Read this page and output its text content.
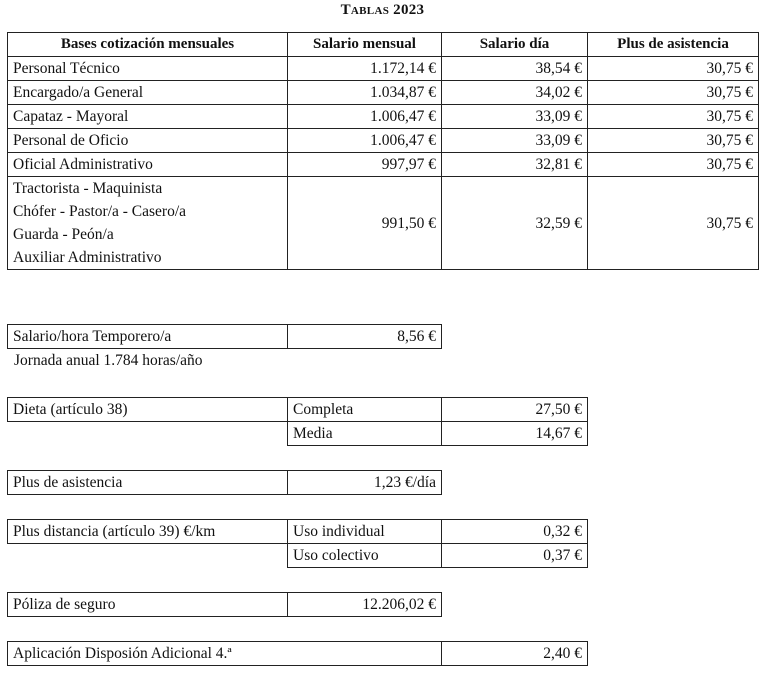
Tablas 2023
Bases cotización mensuales	Salario mensual	Salario día	Plus de asistencia
Personal Técnico	1.172,14 €	38,54 €	30,75 €
Encargado/a General	1.034,87 €	34,02 €	30,75 €
Capataz - Mayoral	1.006,47 €	33,09 €	30,75 €
Personal de Oficio	1.006,47 €	33,09 €	30,75 €
Oficial Administrativo	997,97 €	32,81 €	30,75 €
Tractorista - Maquinista	991,50 €	32,59 €	30,75 €
Chófer - Pastor/a - Casero/a			
Guarda - Peón/a			
Auxiliar Administrativo			
Salario/hora Temporero/a	8,56 €
Jornada anual 1.784 horas/año
Dieta (artículo 38)	Completa	27,50 €
	Media	14,67 €
Plus de asistencia	1,23 €/día
Plus distancia (artículo 39) €/km	Uso individual	0,32 €
	Uso colectivo	0,37 €
Póliza de seguro	12.206,02 €
Aplicación Disposión Adicional 4.ª	2,40 €
